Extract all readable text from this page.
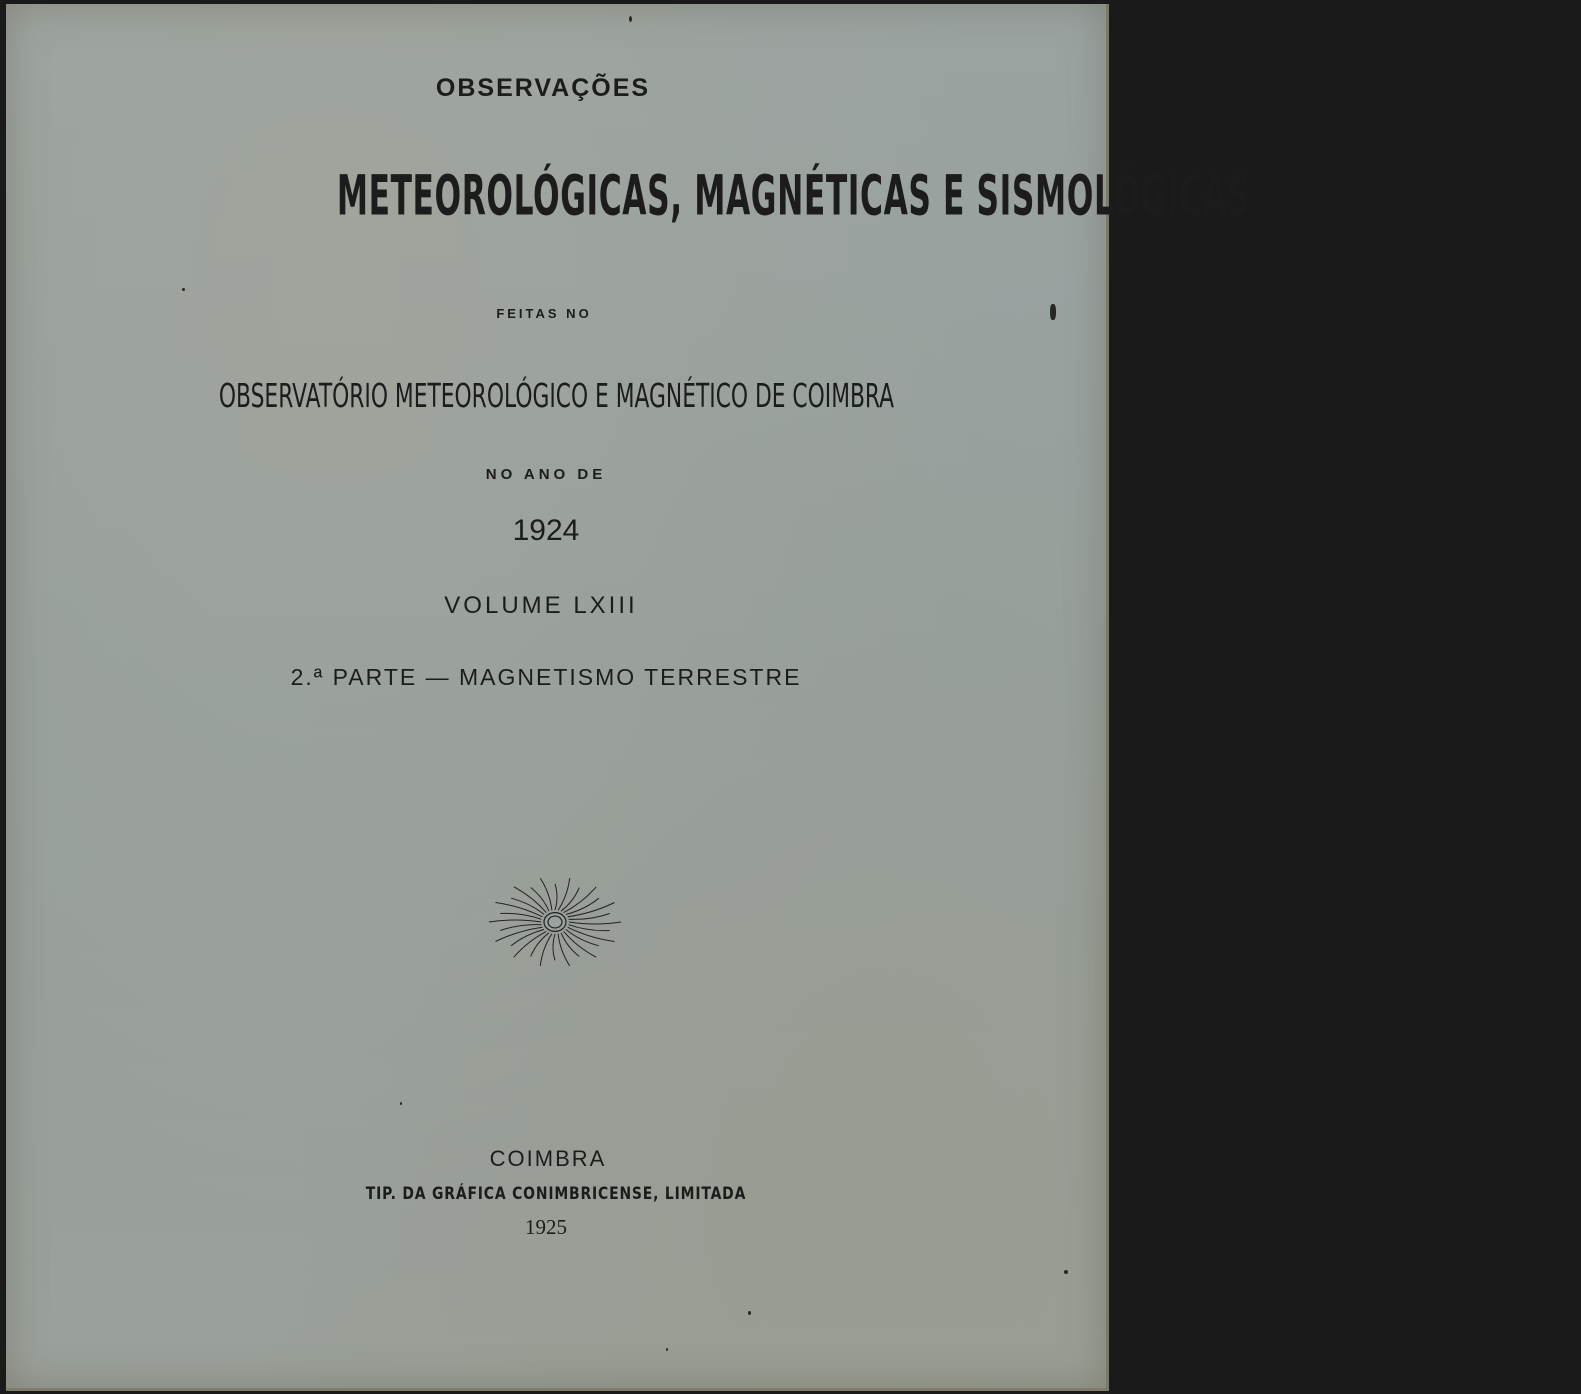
OBSERVAÇÕES
METEOROLÓGICAS, MAGNÉTICAS E SISMOLÓGICAS
FEITAS NO
OBSERVATÓRIO METEOROLÓGICO E MAGNÉTICO DE COIMBRA
NO ANO DE
1924
VOLUME LXIII
2.ª PARTE — MAGNETISMO TERRESTRE
COIMBRA
TIP. DA GRÁFICA CONIMBRICENSE, LIMITADA
1925
